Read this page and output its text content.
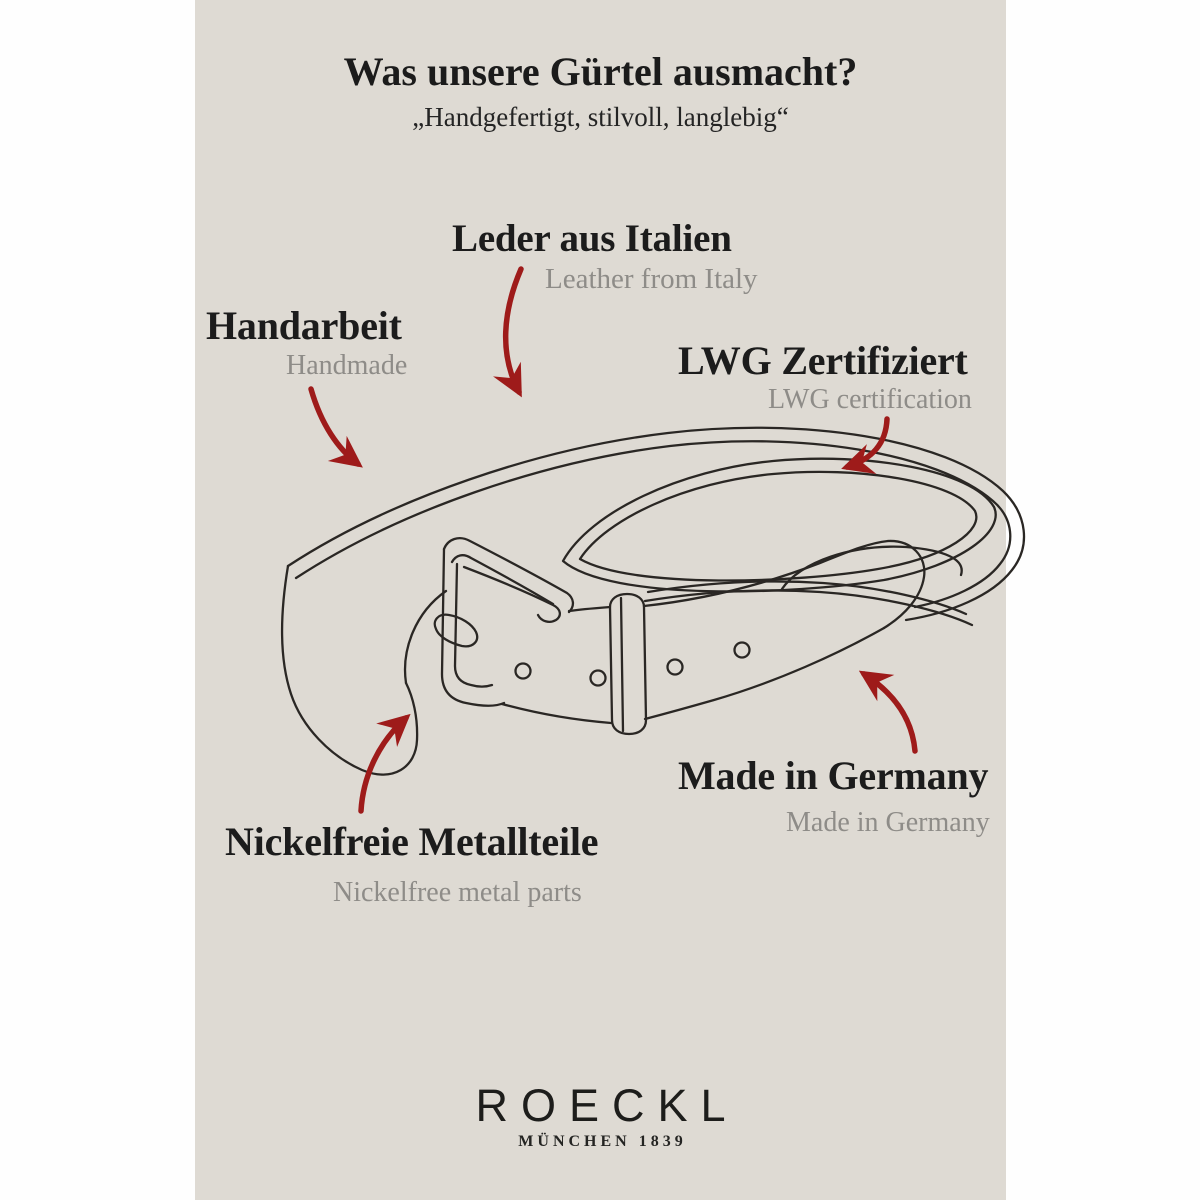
Was unsere Gürtel ausmacht?
„Handgefertigt, stilvoll, langlebig“
Leder aus Italien
Leather from Italy
Handarbeit
Handmade	LWG Zertifiziert
LWG certification
Nickelfreie Metallteile
Nickelfree metal parts
Made in Germany
Made in Germany
ROECKL
MÜNCHEN 1839
